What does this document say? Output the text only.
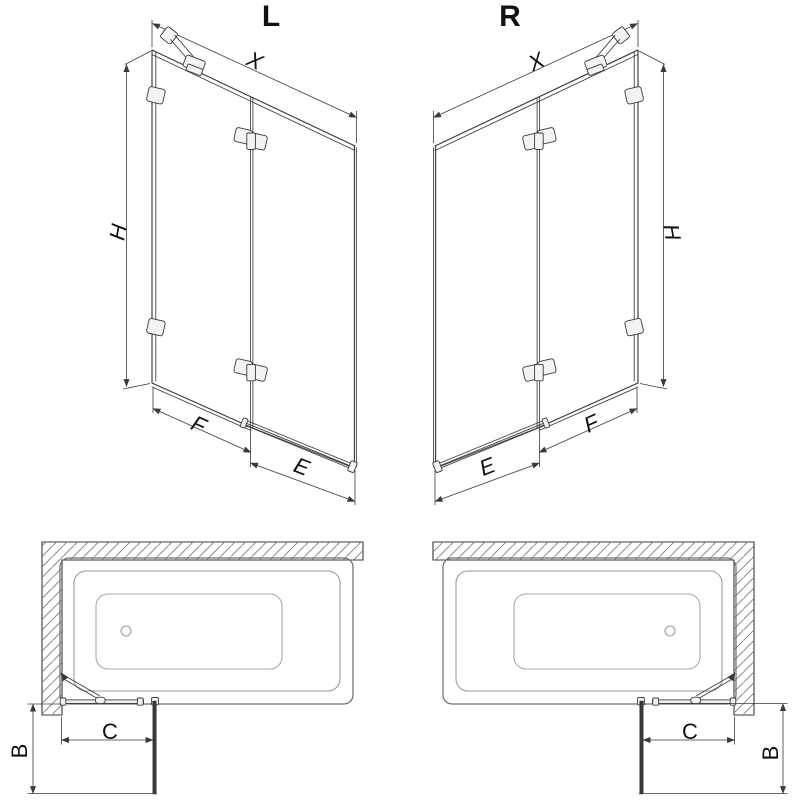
L	R
X
H
F
E
X
H
F
E
C
B
C
B
